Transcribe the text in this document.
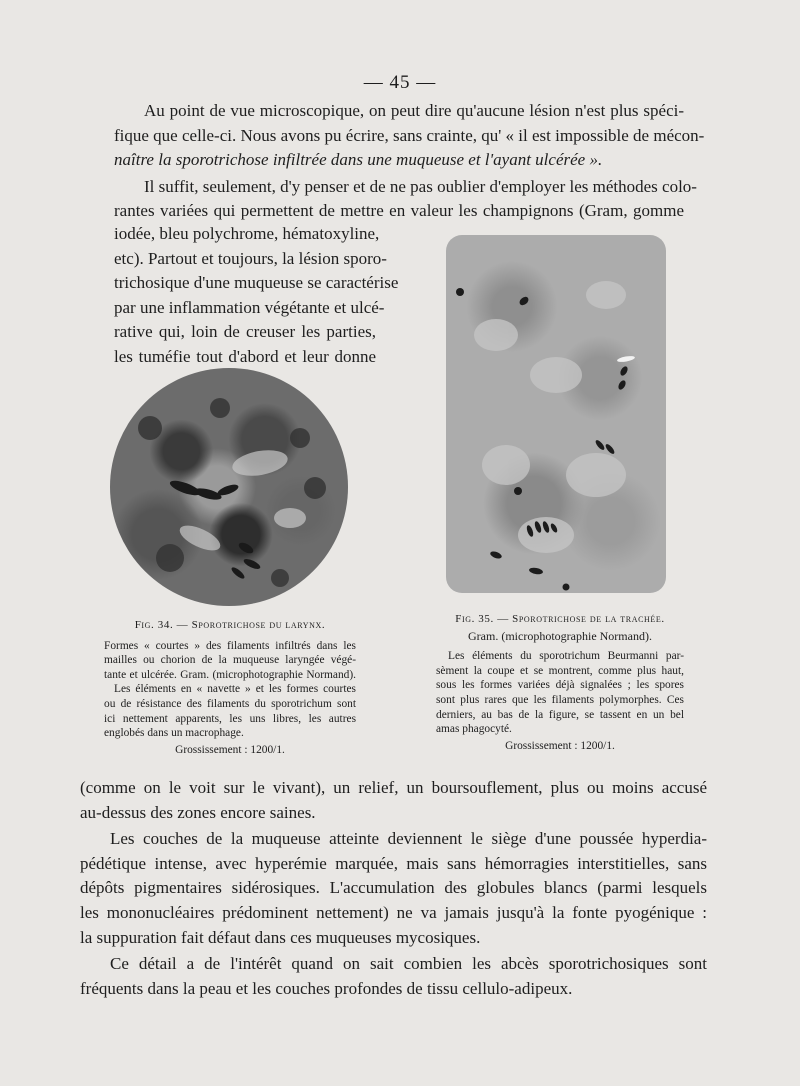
— 45 —
Au point de vue microscopique, on peut dire qu'aucune lésion n'est plus spéci-
fique que celle-ci. Nous avons pu écrire, sans crainte, qu' « il est impossible de mécon-
naître la sporotrichose infiltrée dans une muqueuse et l'ayant ulcérée ».
Il suffit, seulement, d'y penser et de ne pas oublier d'employer les méthodes colo-
rantes variées qui permettent de mettre en valeur les champignons (Gram, gomme
iodée, bleu polychrome, hématoxyline,
etc). Partout et toujours, la lésion sporo-
trichosique d'une muqueuse se caractérise
par une inflammation végétante et ulcé-
rative qui, loin de creuser les parties,
les tuméfie tout d'abord et leur donne
Fig. 34. — Sporotrichose du larynx.
Formes « courtes » des filaments infiltrés dans les
mailles ou chorion de la muqueuse laryngée végé-
tante et ulcérée. Gram. (microphotographie Normand).
Les éléments en « navette » et les formes courtes
ou de résistance des filaments du sporotrichum sont
ici nettement apparents, les uns libres, les autres
englobés dans un macrophage.
Grossissement : 1200/1.
Fig. 35. — Sporotrichose de la trachée.
Gram. (microphotographie Normand).
Les éléments du sporotrichum Beurmanni par-
sèment la coupe et se montrent, comme plus haut,
sous les formes variées déjà signalées ; les spores
sont plus rares que les filaments polymorphes. Ces
derniers, au bas de la figure, se tassent en un bel
amas phagocyté.
Grossissement : 1200/1.
(comme on le voit sur le vivant), un relief, un boursouflement, plus ou moins accusé
au-dessus des zones encore saines.
Les couches de la muqueuse atteinte deviennent le siège d'une poussée hyperdia-
pédétique intense, avec hyperémie marquée, mais sans hémorragies interstitielles, sans
dépôts pigmentaires sidérosiques. L'accumulation des globules blancs (parmi lesquels
les mononucléaires prédominent nettement) ne va jamais jusqu'à la fonte pyogénique :
la suppuration fait défaut dans ces muqueuses mycosiques.
Ce détail a de l'intérêt quand on sait combien les abcès sporotrichosiques sont
fréquents dans la peau et les couches profondes de tissu cellulo-adipeux.
